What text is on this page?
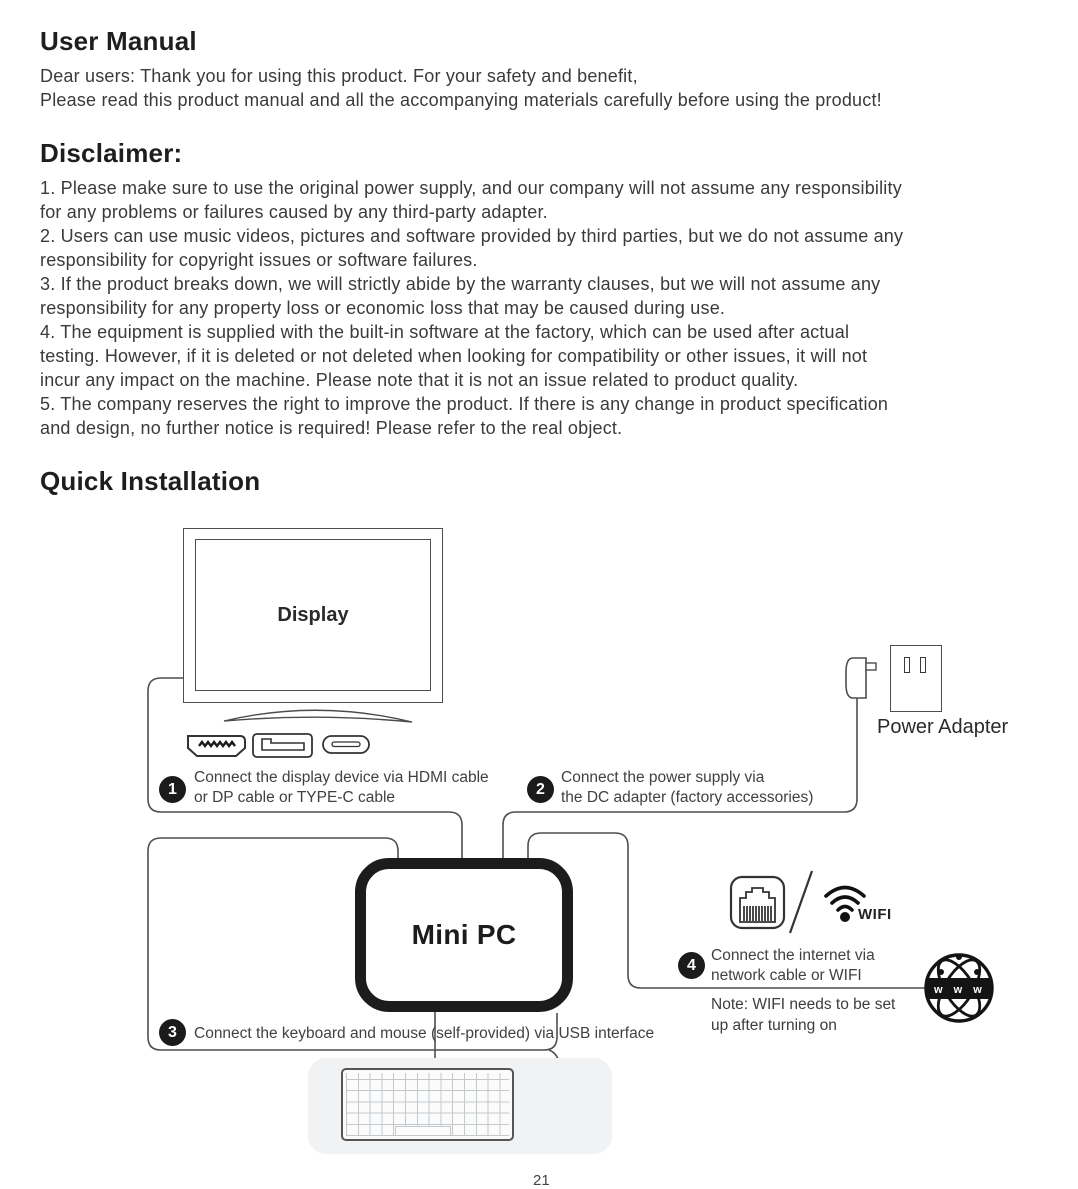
User Manual
Dear users: Thank you for using this product. For your safety and benefit,
Please read this product manual and all the accompanying materials carefully before using the product!
Disclaimer:
1. Please make sure to use the original power supply, and our company will not assume any responsibility
for any problems or failures caused by any third-party adapter.
2. Users can use music videos, pictures and software provided by third parties, but we do not assume any
responsibility for copyright issues or software failures.
3. If the product breaks down, we will strictly abide by the warranty clauses, but we will not assume any
responsibility for any property loss or economic loss that may be caused during use.
4. The equipment is supplied with the built-in software at the factory, which can be used after actual
testing. However, if it is deleted or not deleted when looking for compatibility or other issues, it will not
incur any impact on the machine. Please note that it is not an issue related to product quality.
5. The company reserves the right to improve the product. If there is any change in product specification
and design, no further notice is required! Please refer to the real object.
Quick Installation
w w w
Display
Power Adapter
Mini PC
WIFI
1
Connect the display device via HDMI cable
or DP cable or TYPE-C cable	2
Connect the power supply via
the DC adapter (factory accessories)
3	Connect the keyboard and mouse (self-provided) via USB interface
4
Connect the internet via
network cable or WIFI
Note: WIFI needs to be set
up after turning on
21
